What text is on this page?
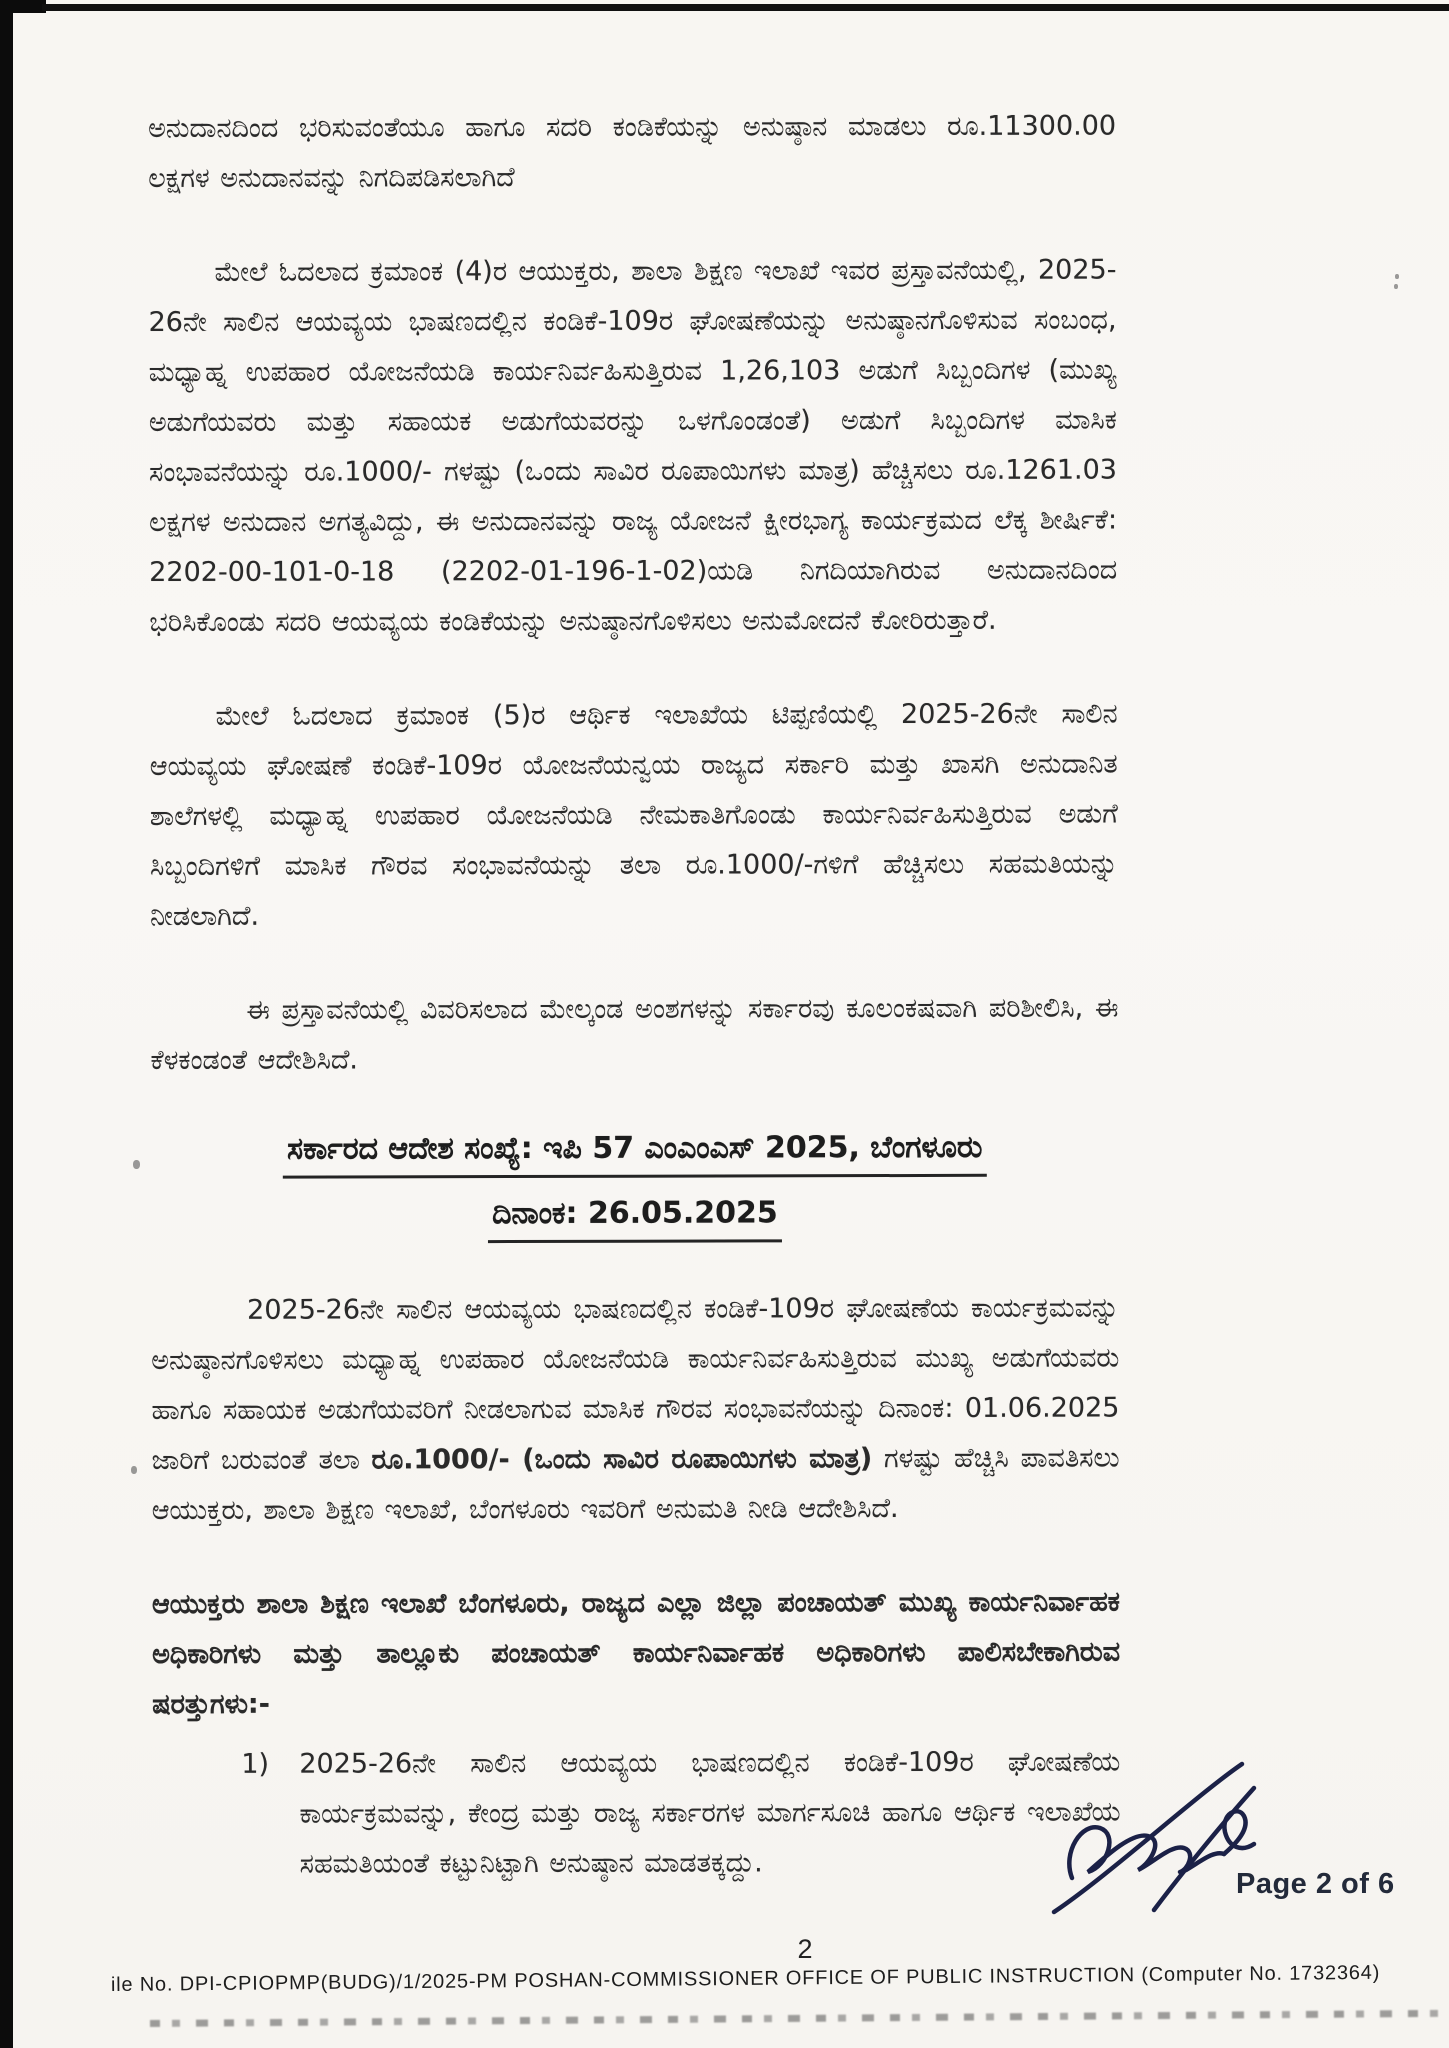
ಅನುದಾನದಿಂದ ಭರಿಸುವಂತೆಯೂ ಹಾಗೂ ಸದರಿ ಕಂಡಿಕೆಯನ್ನು ಅನುಷ್ಠಾನ ಮಾಡಲು ರೂ.11300.00 ಲಕ್ಷಗಳ ಅನುದಾನವನ್ನು ನಿಗದಿಪಡಿಸಲಾಗಿದೆ

ಮೇಲೆ ಓದಲಾದ ಕ್ರಮಾಂಕ (4)ರ ಆಯುಕ್ತರು, ಶಾಲಾ ಶಿಕ್ಷಣ ಇಲಾಖೆ ಇವರ ಪ್ರಸ್ತಾವನೆಯಲ್ಲಿ, 2025-26ನೇ ಸಾಲಿನ ಆಯವ್ಯಯ ಭಾಷಣದಲ್ಲಿನ ಕಂಡಿಕೆ-109ರ ಘೋಷಣೆಯನ್ನು ಅನುಷ್ಠಾನಗೊಳಿಸುವ ಸಂಬಂಧ, ಮಧ್ಯಾಹ್ನ ಉಪಹಾರ ಯೋಜನೆಯಡಿ ಕಾರ್ಯನಿರ್ವಹಿಸುತ್ತಿರುವ 1,26,103 ಅಡುಗೆ ಸಿಬ್ಬಂದಿಗಳ (ಮುಖ್ಯ ಅಡುಗೆಯವರು ಮತ್ತು ಸಹಾಯಕ ಅಡುಗೆಯವರನ್ನು ಒಳಗೊಂಡಂತೆ) ಅಡುಗೆ ಸಿಬ್ಬಂದಿಗಳ ಮಾಸಿಕ ಸಂಭಾವನೆಯನ್ನು ರೂ.1000/- ಗಳಷ್ಟು (ಒಂದು ಸಾವಿರ ರೂಪಾಯಿಗಳು ಮಾತ್ರ) ಹೆಚ್ಚಿಸಲು ರೂ.1261.03 ಲಕ್ಷಗಳ ಅನುದಾನ ಅಗತ್ಯವಿದ್ದು, ಈ ಅನುದಾನವನ್ನು ರಾಜ್ಯ ಯೋಜನೆ ಕ್ಷೀರಭಾಗ್ಯ ಕಾರ್ಯಕ್ರಮದ ಲೆಕ್ಕ ಶೀರ್ಷಿಕೆ: 2202-00-101-0-18 (2202-01-196-1-02)ಯಡಿ ನಿಗದಿಯಾಗಿರುವ ಅನುದಾನದಿಂದ ಭರಿಸಿಕೊಂಡು ಸದರಿ ಆಯವ್ಯಯ ಕಂಡಿಕೆಯನ್ನು ಅನುಷ್ಠಾನಗೊಳಿಸಲು ಅನುಮೋದನೆ ಕೋರಿರುತ್ತಾರೆ.

ಮೇಲೆ ಓದಲಾದ ಕ್ರಮಾಂಕ (5)ರ ಆರ್ಥಿಕ ಇಲಾಖೆಯ ಟಿಪ್ಪಣಿಯಲ್ಲಿ 2025-26ನೇ ಸಾಲಿನ ಆಯವ್ಯಯ ಘೋಷಣೆ ಕಂಡಿಕೆ-109ರ ಯೋಜನೆಯನ್ವಯ ರಾಜ್ಯದ ಸರ್ಕಾರಿ ಮತ್ತು ಖಾಸಗಿ ಅನುದಾನಿತ ಶಾಲೆಗಳಲ್ಲಿ ಮಧ್ಯಾಹ್ನ ಉಪಹಾರ ಯೋಜನೆಯಡಿ ನೇಮಕಾತಿಗೊಂಡು ಕಾರ್ಯನಿರ್ವಹಿಸುತ್ತಿರುವ ಅಡುಗೆ ಸಿಬ್ಬಂದಿಗಳಿಗೆ ಮಾಸಿಕ ಗೌರವ ಸಂಭಾವನೆಯನ್ನು ತಲಾ ರೂ.1000/-ಗಳಿಗೆ ಹೆಚ್ಚಿಸಲು ಸಹಮತಿಯನ್ನು ನೀಡಲಾಗಿದೆ.

ಈ ಪ್ರಸ್ತಾವನೆಯಲ್ಲಿ ವಿವರಿಸಲಾದ ಮೇಲ್ಕಂಡ ಅಂಶಗಳನ್ನು ಸರ್ಕಾರವು ಕೂಲಂಕಷವಾಗಿ ಪರಿಶೀಲಿಸಿ, ಈ ಕೆಳಕಂಡಂತೆ ಆದೇಶಿಸಿದೆ.

ಸರ್ಕಾರದ ಆದೇಶ ಸಂಖ್ಯೆ: ಇಪಿ 57 ಎಂಎಂಎಸ್ 2025, ಬೆಂಗಳೂರು
ದಿನಾಂಕ: 26.05.2025

2025-26ನೇ ಸಾಲಿನ ಆಯವ್ಯಯ ಭಾಷಣದಲ್ಲಿನ ಕಂಡಿಕೆ-109ರ ಘೋಷಣೆಯ ಕಾರ್ಯಕ್ರಮವನ್ನು ಅನುಷ್ಠಾನಗೊಳಿಸಲು ಮಧ್ಯಾಹ್ನ ಉಪಹಾರ ಯೋಜನೆಯಡಿ ಕಾರ್ಯನಿರ್ವಹಿಸುತ್ತಿರುವ ಮುಖ್ಯ ಅಡುಗೆಯವರು ಹಾಗೂ ಸಹಾಯಕ ಅಡುಗೆಯವರಿಗೆ ನೀಡಲಾಗುವ ಮಾಸಿಕ ಗೌರವ ಸಂಭಾವನೆಯನ್ನು ದಿನಾಂಕ: 01.06.2025 ಜಾರಿಗೆ ಬರುವಂತೆ ತಲಾ ರೂ.1000/- (ಒಂದು ಸಾವಿರ ರೂಪಾಯಿಗಳು ಮಾತ್ರ) ಗಳಷ್ಟು ಹೆಚ್ಚಿಸಿ ಪಾವತಿಸಲು ಆಯುಕ್ತರು, ಶಾಲಾ ಶಿಕ್ಷಣ ಇಲಾಖೆ, ಬೆಂಗಳೂರು ಇವರಿಗೆ ಅನುಮತಿ ನೀಡಿ ಆದೇಶಿಸಿದೆ.

ಆಯುಕ್ತರು ಶಾಲಾ ಶಿಕ್ಷಣ ಇಲಾಖೆ ಬೆಂಗಳೂರು, ರಾಜ್ಯದ ಎಲ್ಲಾ ಜಿಲ್ಲಾ ಪಂಚಾಯತ್ ಮುಖ್ಯ ಕಾರ್ಯನಿರ್ವಾಹಕ ಅಧಿಕಾರಿಗಳು ಮತ್ತು ತಾಲ್ಲೂಕು ಪಂಚಾಯತ್ ಕಾರ್ಯನಿರ್ವಾಹಕ ಅಧಿಕಾರಿಗಳು ಪಾಲಿಸಬೇಕಾಗಿರುವ ಷರತ್ತುಗಳು:-

1)	2025-26ನೇ ಸಾಲಿನ ಆಯವ್ಯಯ ಭಾಷಣದಲ್ಲಿನ ಕಂಡಿಕೆ-109ರ ಘೋಷಣೆಯ ಕಾರ್ಯಕ್ರಮವನ್ನು, ಕೇಂದ್ರ ಮತ್ತು ರಾಜ್ಯ ಸರ್ಕಾರಗಳ ಮಾರ್ಗಸೂಚಿ ಹಾಗೂ ಆರ್ಥಿಕ ಇಲಾಖೆಯ ಸಹಮತಿಯಂತೆ ಕಟ್ಟುನಿಟ್ಟಾಗಿ ಅನುಷ್ಠಾನ ಮಾಡತಕ್ಕದ್ದು.
Page 2 of 6
2
ile No. DPI-CPIOPMP(BUDG)/1/2025-PM POSHAN-COMMISSIONER OFFICE OF PUBLIC INSTRUCTION (Computer No. 1732364)
